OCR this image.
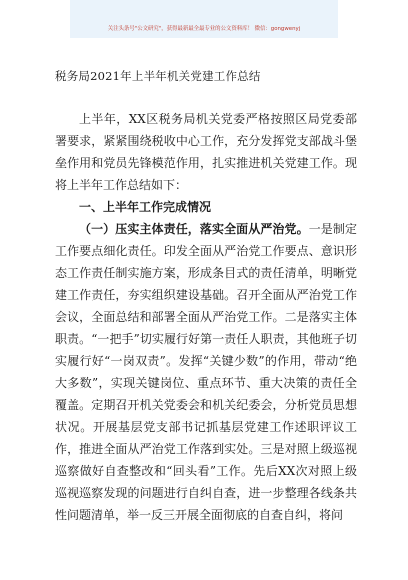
关注头条号"公文研究"，获得最新最全最专业的公文资料库！ 微信：gongwenyj

税务局2021年上半年机关党建工作总结

上半年，XX区税务局机关党委严格按照区局党委部署要求，紧紧围绕税收中心工作，充分发挥党支部战斗堡垒作用和党员先锋模范作用，扎实推进机关党建工作。现将上半年工作总结如下：

一、上半年工作完成情况

（一）压实主体责任，落实全面从严治党。一是制定工作要点细化责任。印发全面从严治党工作要点、意识形态工作责任制实施方案，形成条目式的责任清单，明晰党建工作责任，夯实组织建设基础。召开全面从严治党工作会议，全面总结和部署全面从严治党工作。二是落实主体职责。“一把手”切实履行好第一责任人职责，其他班子切实履行好“一岗双责”。发挥“关键少数”的作用，带动“绝大多数”，实现关键岗位、重点环节、重大决策的责任全覆盖。定期召开机关党委会和机关纪委会，分析党员思想状况。开展基层党支部书记抓基层党建工作述职评议工作，推进全面从严治党工作落到实处。三是对照上级巡视巡察做好自查整改和“回头看”工作。先后XX次对照上级巡视巡察发现的问题进行自纠自查，进一步整理各线条共性问题清单，举一反三开展全面彻底的自查自纠，将问
